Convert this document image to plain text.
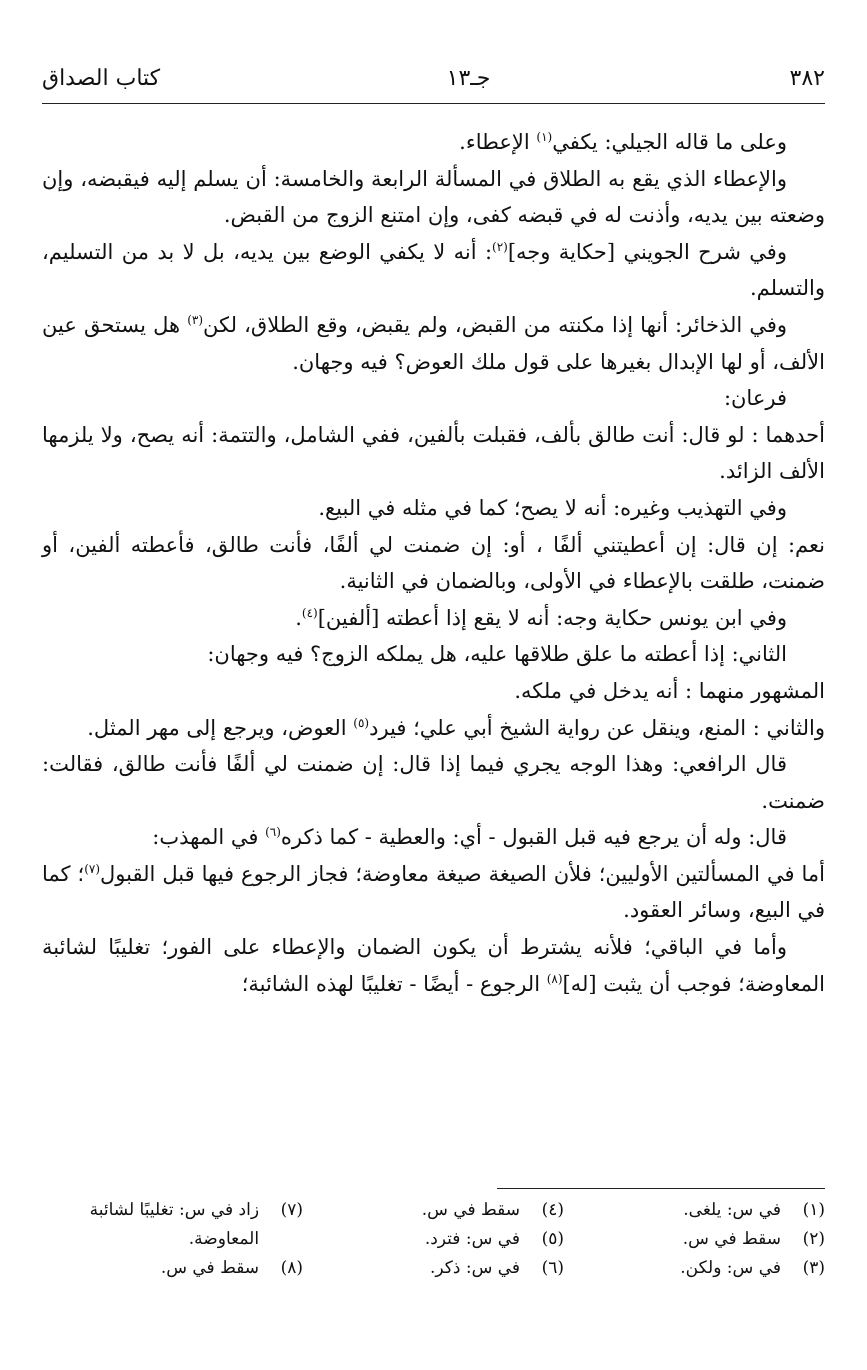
٣٨٢
جـ١٣
كتاب الصداق

وعلى ما قاله الجيلي: يكفي$^{(١)}$ الإعطاء.

والإعطاء الذي يقع به الطلاق في المسألة الرابعة والخامسة: أن يسلم إليه فيقبضه، وإن وضعته بين يديه، وأذنت له في قبضه كفى، وإن امتنع الزوج من القبض.

وفي شرح الجويني [حكاية وجه]$^{(٢)}$: أنه لا يكفي الوضع بين يديه، بل لا بد من التسليم، والتسلم.

وفي الذخائر: أنها إذا مكنته من القبض، ولم يقبض، وقع الطلاق، لكن$^{(٣)}$ هل يستحق عين الألف، أو لها الإبدال بغيرها على قول ملك العوض؟ فيه وجهان.

فرعان:

أحدهما : لو قال: أنت طالق بألف، فقبلت بألفين، ففي الشامل، والتتمة: أنه يصح، ولا يلزمها الألف الزائد.

وفي التهذيب وغيره: أنه لا يصح؛ كما في مثله في البيع.

نعم: إن قال: إن أعطيتني ألفًا ، أو: إن ضمنت لي ألفًا، فأنت طالق، فأعطته ألفين، أو ضمنت، طلقت بالإعطاء في الأولى، وبالضمان في الثانية.

وفي ابن يونس حكاية وجه: أنه لا يقع إذا أعطته [ألفين]$^{(٤)}$.

الثاني: إذا أعطته ما علق طلاقها عليه، هل يملكه الزوج؟ فيه وجهان:

المشهور منهما : أنه يدخل في ملكه.

والثاني : المنع، وينقل عن رواية الشيخ أبي علي؛ فيرد$^{(٥)}$ العوض، ويرجع إلى مهر المثل.

قال الرافعي: وهذا الوجه يجري فيما إذا قال: إن ضمنت لي ألفًا فأنت طالق، فقالت: ضمنت.

قال: وله أن يرجع فيه قبل القبول - أي: والعطية - كما ذكره$^{(٦)}$ في المهذب:

أما في المسألتين الأوليين؛ فلأن الصيغة صيغة معاوضة؛ فجاز الرجوع فيها قبل القبول$^{(٧)}$؛ كما في البيع، وسائر العقود.

وأما في الباقي؛ فلأنه يشترط أن يكون الضمان والإعطاء على الفور؛ تغليبًا لشائبة المعاوضة؛ فوجب أن يثبت [له]$^{(٨)}$ الرجوع - أيضًا - تغليبًا لهذه الشائبة؛

(١)
في س: يلغى.
(٢)
سقط في س.
(٣)
في س: ولكن.
(٤)
سقط في س.
(٥)
في س: فترد.
(٦)
في س: ذكر.
(٧)
زاد في س: تغليبًا لشائبة المعاوضة.
(٨)
سقط في س.
